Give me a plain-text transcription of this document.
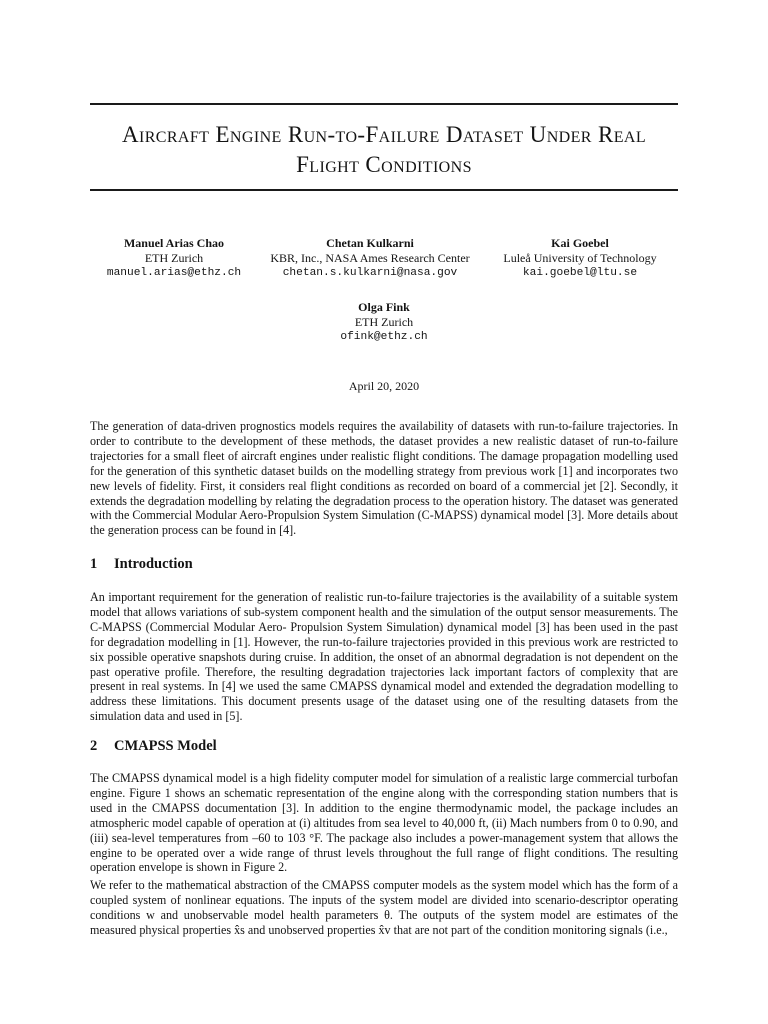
Aircraft Engine Run-to-Failure Dataset Under Real Flight Conditions
Manuel Arias Chao
ETH Zurich
manuel.arias@ethz.ch
Chetan Kulkarni
KBR, Inc., NASA Ames Research Center
chetan.s.kulkarni@nasa.gov
Kai Goebel
Luleå University of Technology
kai.goebel@ltu.se
Olga Fink
ETH Zurich
ofink@ethz.ch
April 20, 2020

The generation of data-driven prognostics models requires the availability of datasets with run-to-failure trajectories. In order to contribute to the development of these methods, the dataset provides a new realistic dataset of run-to-failure trajectories for a small fleet of aircraft engines under realistic flight conditions. The damage propagation modelling used for the generation of this synthetic dataset builds on the modelling strategy from previous work [1] and incorporates two new levels of fidelity. First, it considers real flight conditions as recorded on board of a commercial jet [2]. Secondly, it extends the degradation modelling by relating the degradation process to the operation history. The dataset was generated with the Commercial Modular Aero-Propulsion System Simulation (C-MAPSS) dynamical model [3]. More details about the generation process can be found in [4].

1 Introduction

An important requirement for the generation of realistic run-to-failure trajectories is the availability of a suitable system model that allows variations of sub-system component health and the simulation of the output sensor measurements. The C-MAPSS (Commercial Modular Aero- Propulsion System Simulation) dynamical model [3] has been used in the past for degradation modelling in [1]. However, the run-to-failure trajectories provided in this previous work are restricted to six possible operative snapshots during cruise. In addition, the onset of an abnormal degradation is not dependent on the past operative profile. Therefore, the resulting degradation trajectories lack important factors of complexity that are present in real systems. In [4] we used the same CMAPSS dynamical model and extended the degradation modelling to address these limitations. This document presents usage of the dataset using one of the resulting datasets from the simulation data and used in [5].

2 CMAPSS Model

The CMAPSS dynamical model is a high fidelity computer model for simulation of a realistic large commercial turbofan engine. Figure 1 shows an schematic representation of the engine along with the corresponding station numbers that is used in the CMAPSS documentation [3]. In addition to the engine thermodynamic model, the package includes an atmospheric model capable of operation at (i) altitudes from sea level to 40,000 ft, (ii) Mach numbers from 0 to 0.90, and (iii) sea-level temperatures from –60 to 103 °F. The package also includes a power-management system that allows the engine to be operated over a wide range of thrust levels throughout the full range of flight conditions. The resulting operation envelope is shown in Figure 2.

We refer to the mathematical abstraction of the CMAPSS computer models as the system model which has the form of a coupled system of nonlinear equations. The inputs of the system model are divided into scenario-descriptor operating conditions w and unobservable model health parameters θ. The outputs of the system model are estimates of the measured physical properties x̂s and unobserved properties x̂v that are not part of the condition monitoring signals (i.e.,
